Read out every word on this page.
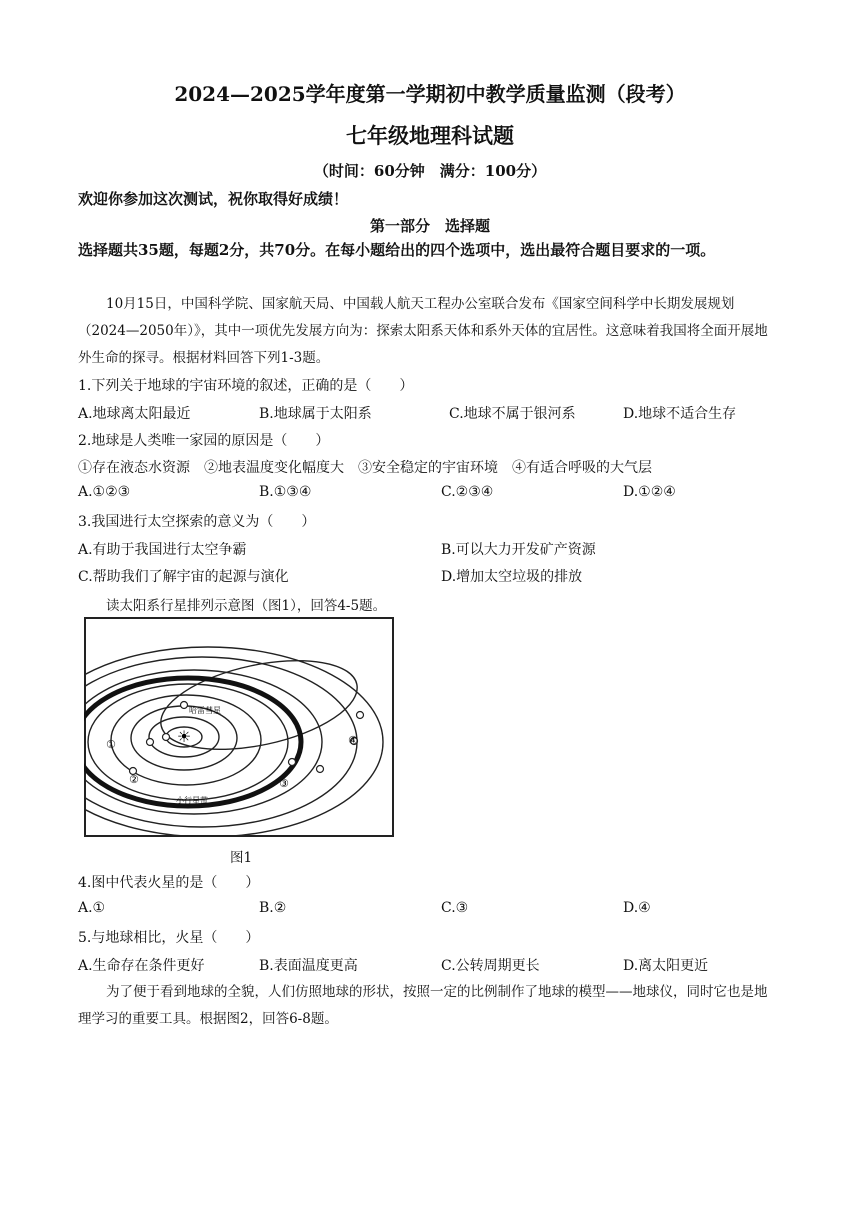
2024—2025学年度第一学期初中教学质量监测（段考）
七年级地理科试题
（时间：60分钟　满分：100分）
欢迎你参加这次测试，祝你取得好成绩！
第一部分　选择题
选择题共35题，每题2分，共70分。在每小题给出的四个选项中，选出最符合题目要求的一项。
10月15日，中国科学院、国家航天局、中国载人航天工程办公室联合发布《国家空间科学中长期发展规划（2024—2050年）》，其中一项优先发展方向为：探索太阳系天体和系外天体的宜居性。这意味着我国将全面开展地外生命的探寻。根据材料回答下列1-3题。
1.下列关于地球的宇宙环境的叙述，正确的是（　　）
A.地球离太阳最近	B.地球属于太阳系	C.地球不属于银河系	D.地球不适合生存
2.地球是人类唯一家园的原因是（　　）
①存在液态水资源　②地表温度变化幅度大　③安全稳定的宇宙环境　④有适合呼吸的大气层
A.①②③	B.①③④	C.②③④	D.①②④
3.我国进行太空探索的意义为（　　）
A.有助于我国进行太空争霸	B.可以大力开发矿产资源
C.帮助我们了解宇宙的起源与演化	D.增加太空垃圾的排放
读太阳系行星排列示意图（图1），回答4-5题。
☀
哈雷彗星
小行星带
①
②	③
④
图1
4.图中代表火星的是（　　）
A.①	B.②	C.③	D.④
5.与地球相比，火星（　　）
A.生命存在条件更好	B.表面温度更高	C.公转周期更长	D.离太阳更近
为了便于看到地球的全貌，人们仿照地球的形状，按照一定的比例制作了地球的模型——地球仪，同时它也是地理学习的重要工具。根据图2，回答6-8题。
